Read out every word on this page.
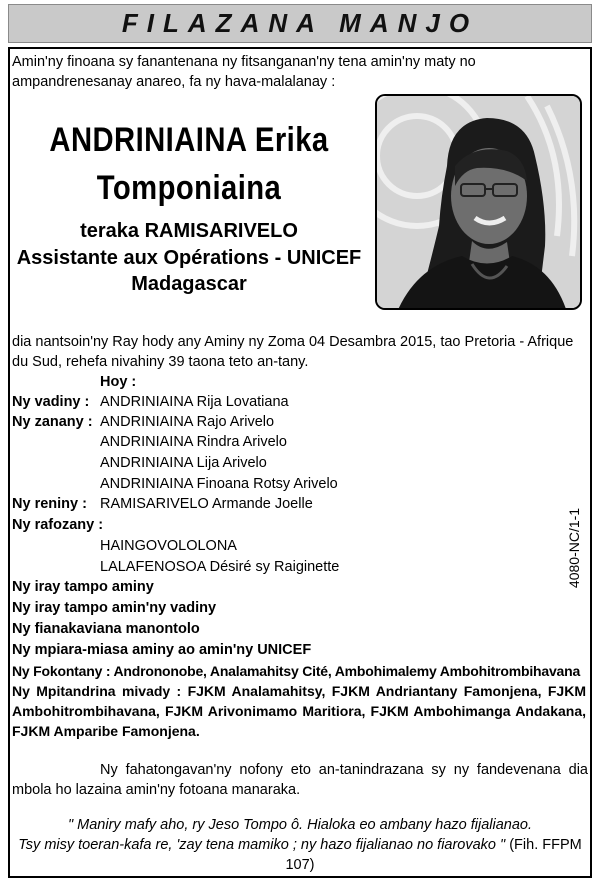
FILAZANA MANJO
Amin'ny finoana sy fanantenana ny fitsanganan'ny tena amin'ny maty no ampandrenesanay anareo, fa ny hava-malalanay :
ANDRINIAINA Erika
Tomponiaina
teraka RAMISARIVELO
Assistante aux Opérations - UNICEF
Madagascar
dia nantsoin'ny Ray hody any Aminy ny Zoma 04 Desambra 2015, tao Pretoria - Afrique du Sud, rehefa nivahiny 39 taona teto an-tany.
Hoy :
Ny vadiny : ANDRINIAINA Rija Lovatiana
Ny zanany : ANDRINIAINA Rajo Arivelo
ANDRINIAINA Rindra Arivelo
ANDRINIAINA Lija Arivelo
ANDRINIAINA Finoana Rotsy Arivelo
Ny reniny : RAMISARIVELO Armande Joelle
Ny rafozany :
HAINGOVOLOLONA
LALAFENOSOA Désiré sy Raiginette
Ny iray tampo aminy
Ny iray tampo amin'ny vadiny
Ny fianakaviana manontolo
Ny mpiara-miasa aminy ao amin'ny UNICEF
Ny Fokontany : Andrononobe, Analamahitsy Cité, Ambohimalemy Ambohitrombihavana
Ny Mpitandrina mivady : FJKM Analamahitsy, FJKM Andriantany Famonjena, FJKM Ambohitrombihavana, FJKM Arivonimamo Maritiora, FJKM Ambohimanga Andakana, FJKM Amparibe Famonjena.
4080-NC/1-1
Ny fahatongavan'ny nofony eto an-tanindrazana sy ny fandevenana dia mbola ho lazaina amin'ny fotoana manaraka.
" Maniry mafy aho, ry Jeso Tompo ô. Hialoka eo ambany hazo fijalianao.
Tsy misy toeran-kafa re, 'zay tena mamiko ; ny hazo fijalianao no fiarovako " (Fih. FFPM 107)
